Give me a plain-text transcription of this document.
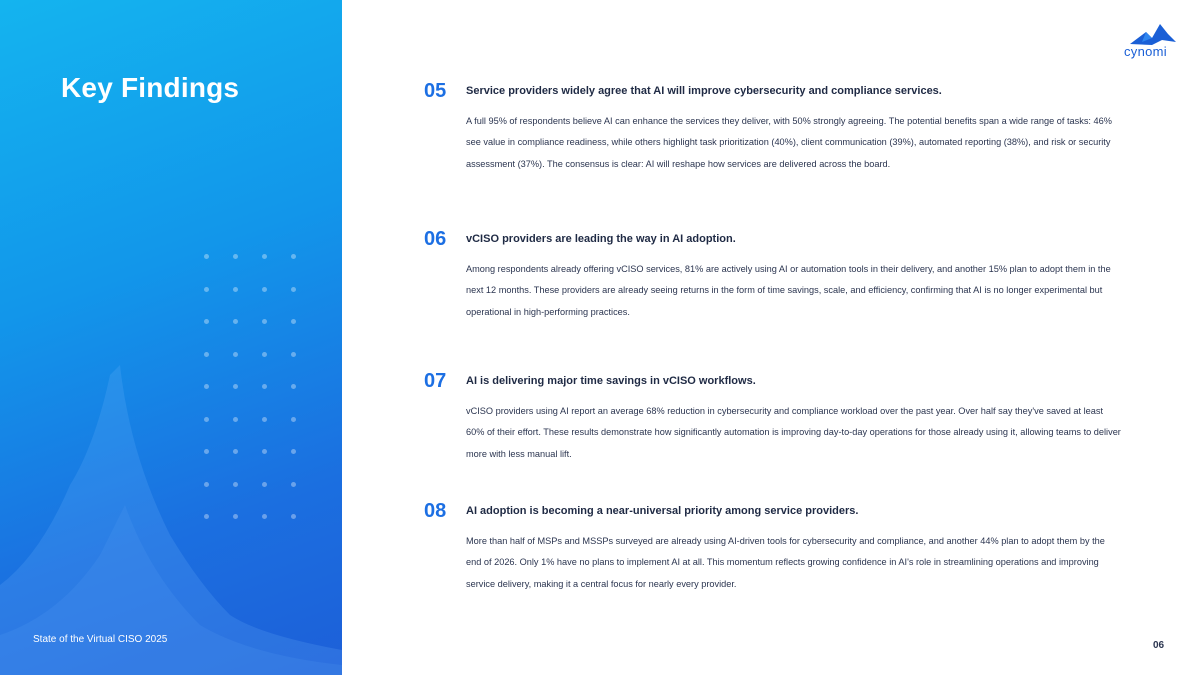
Key Findings
State of the Virtual CISO 2025
cynomi
05 Service providers widely agree that AI will improve cybersecurity and compliance services.

A full 95% of respondents believe AI can enhance the services they deliver, with 50% strongly agreeing. The potential benefits span a wide range of tasks: 46% see value in compliance readiness, while others highlight task prioritization (40%), client communication (39%), automated reporting (38%), and risk or security assessment (37%). The consensus is clear: AI will reshape how services are delivered across the board.

06 vCISO providers are leading the way in AI adoption.

Among respondents already offering vCISO services, 81% are actively using AI or automation tools in their delivery, and another 15% plan to adopt them in the next 12 months. These providers are already seeing returns in the form of time savings, scale, and efficiency, confirming that AI is no longer experimental but operational in high-performing practices.

07 AI is delivering major time savings in vCISO workflows.

vCISO providers using AI report an average 68% reduction in cybersecurity and compliance workload over the past year. Over half say they've saved at least 60% of their effort. These results demonstrate how significantly automation is improving day-to-day operations for those already using it, allowing teams to deliver more with less manual lift.

08 AI adoption is becoming a near-universal priority among service providers.

More than half of MSPs and MSSPs surveyed are already using AI-driven tools for cybersecurity and compliance, and another 44% plan to adopt them by the end of 2026. Only 1% have no plans to implement AI at all. This momentum reflects growing confidence in AI's role in streamlining operations and improving service delivery, making it a central focus for nearly every provider.

06
